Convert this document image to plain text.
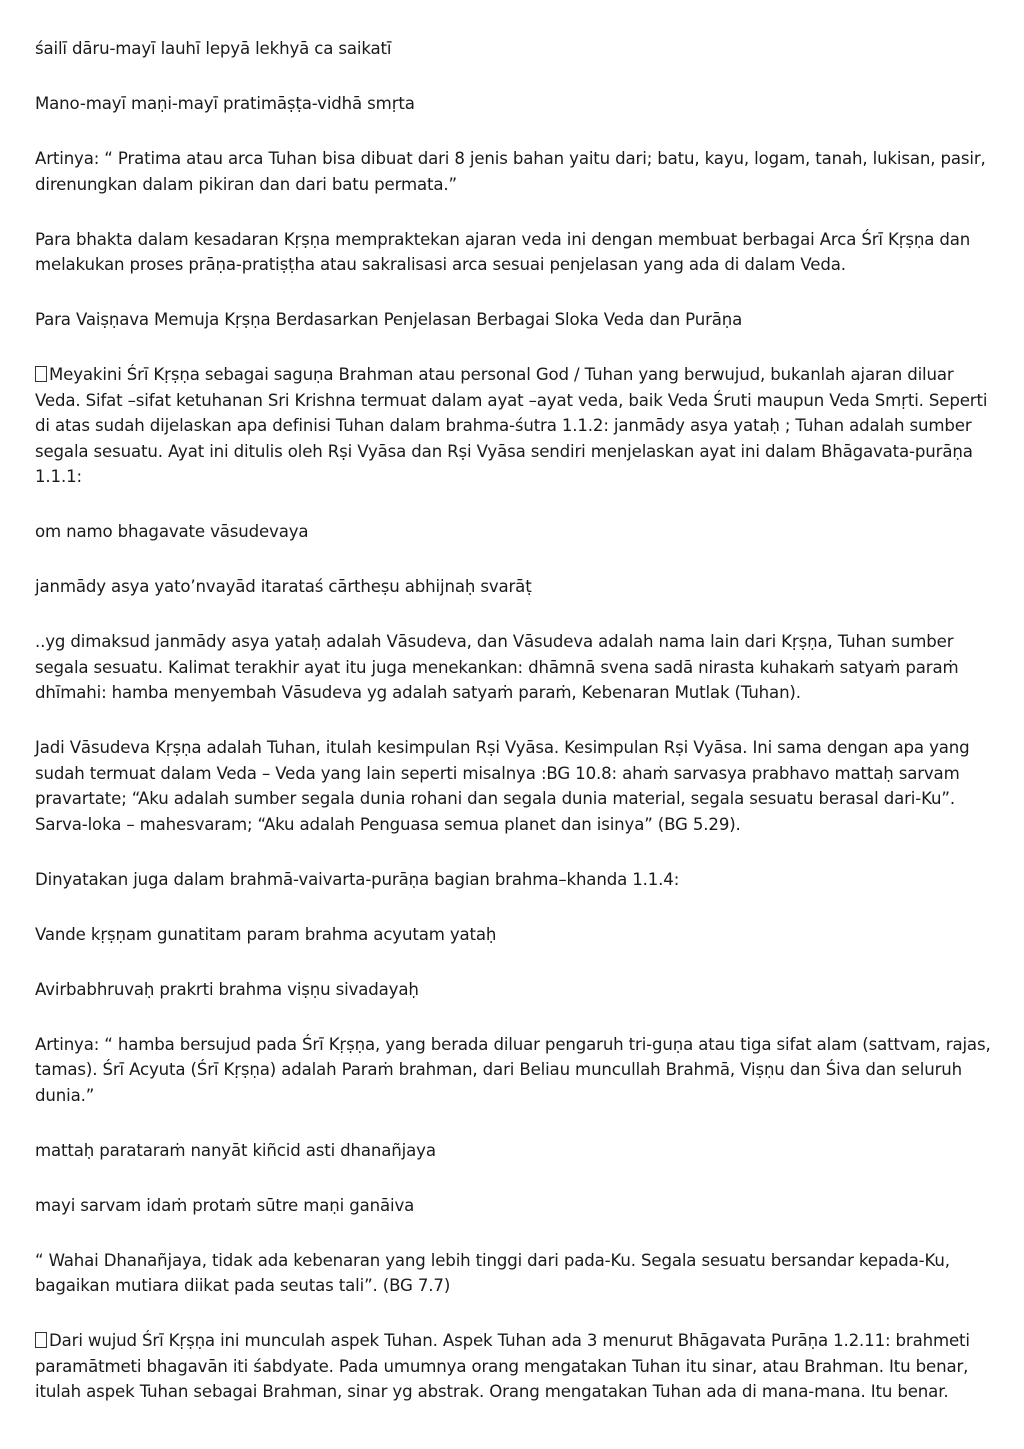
śailī dāru-mayī lauhī lepyā lekhyā ca saikatī

Mano-mayī maṇi-mayī pratimāṣṭa-vidhā smṛta

Artinya: “ Pratima atau arca Tuhan bisa dibuat dari 8 jenis bahan yaitu dari; batu, kayu, logam, tanah, lukisan, pasir, direnungkan dalam pikiran dan dari batu permata.”

Para bhakta dalam kesadaran Kṛṣṇa mempraktekan ajaran veda ini dengan membuat berbagai Arca Śrī Kṛṣṇa dan melakukan proses prāṇa-pratiṣṭha atau sakralisasi arca sesuai penjelasan yang ada di dalam Veda.

Para Vaiṣṇava Memuja Kṛṣṇa Berdasarkan Penjelasan Berbagai Sloka Veda dan Purāṇa

Meyakini Śrī Kṛṣṇa sebagai saguṇa Brahman atau personal God / Tuhan yang berwujud, bukanlah ajaran diluar Veda. Sifat –sifat ketuhanan Sri Krishna termuat dalam ayat –ayat veda, baik Veda Śruti maupun Veda Smṛti. Seperti di atas sudah dijelaskan apa definisi Tuhan dalam brahma-śutra 1.1.2: janmādy asya yataḥ ; Tuhan adalah sumber segala sesuatu. Ayat ini ditulis oleh Rṣi Vyāsa dan Rṣi Vyāsa sendiri menjelaskan ayat ini dalam Bhāgavata-purāṇa 1.1.1:

om namo bhagavate vāsudevaya

janmādy asya yato’nvayād itarataś cārtheṣu abhijnaḥ svarāṭ

..yg dimaksud janmādy asya yataḥ adalah Vāsudeva, dan Vāsudeva adalah nama lain dari Kṛṣṇa, Tuhan sumber segala sesuatu. Kalimat terakhir ayat itu juga menekankan: dhāmnā svena sadā nirasta kuhakaṁ satyaṁ paraṁ dhīmahi: hamba menyembah Vāsudeva yg adalah satyaṁ paraṁ, Kebenaran Mutlak (Tuhan).

Jadi Vāsudeva Kṛṣṇa adalah Tuhan, itulah kesimpulan Rṣi Vyāsa. Kesimpulan Rṣi Vyāsa. Ini sama dengan apa yang sudah termuat dalam Veda – Veda yang lain seperti misalnya :BG 10.8: ahaṁ sarvasya prabhavo mattaḥ sarvam pravartate; “Aku adalah sumber segala dunia rohani dan segala dunia material, segala sesuatu berasal dari-Ku”. Sarva-loka – mahesvaram; “Aku adalah Penguasa semua planet dan isinya” (BG 5.29).

Dinyatakan juga dalam brahmā-vaivarta-purāṇa bagian brahma–khanda 1.1.4:

Vande kṛṣṇam gunatitam param brahma acyutam yataḥ

Avirbabhruvaḥ prakrti brahma viṣṇu sivadayaḥ

Artinya: “ hamba bersujud pada Śrī Kṛṣṇa, yang berada diluar pengaruh tri-guṇa atau tiga sifat alam (sattvam, rajas, tamas). Śrī Acyuta (Śrī Kṛṣṇa) adalah Paraṁ brahman, dari Beliau muncullah Brahmā, Viṣṇu dan Śiva dan seluruh dunia.”

mattaḥ parataraṁ nanyāt kiñcid asti dhanañjaya

mayi sarvam idaṁ protaṁ sūtre maṇi ganāiva

“ Wahai Dhanañjaya, tidak ada kebenaran yang lebih tinggi dari pada-Ku. Segala sesuatu bersandar kepada-Ku, bagaikan mutiara diikat pada seutas tali”. (BG 7.7)

Dari wujud Śrī Kṛṣṇa ini munculah aspek Tuhan. Aspek Tuhan ada 3 menurut Bhāgavata Purāṇa 1.2.11: brahmeti paramātmeti bhagavān iti śabdyate. Pada umumnya orang mengatakan Tuhan itu sinar, atau Brahman. Itu benar, itulah aspek Tuhan sebagai Brahman, sinar yg abstrak. Orang mengatakan Tuhan ada di mana-mana. Itu benar.
